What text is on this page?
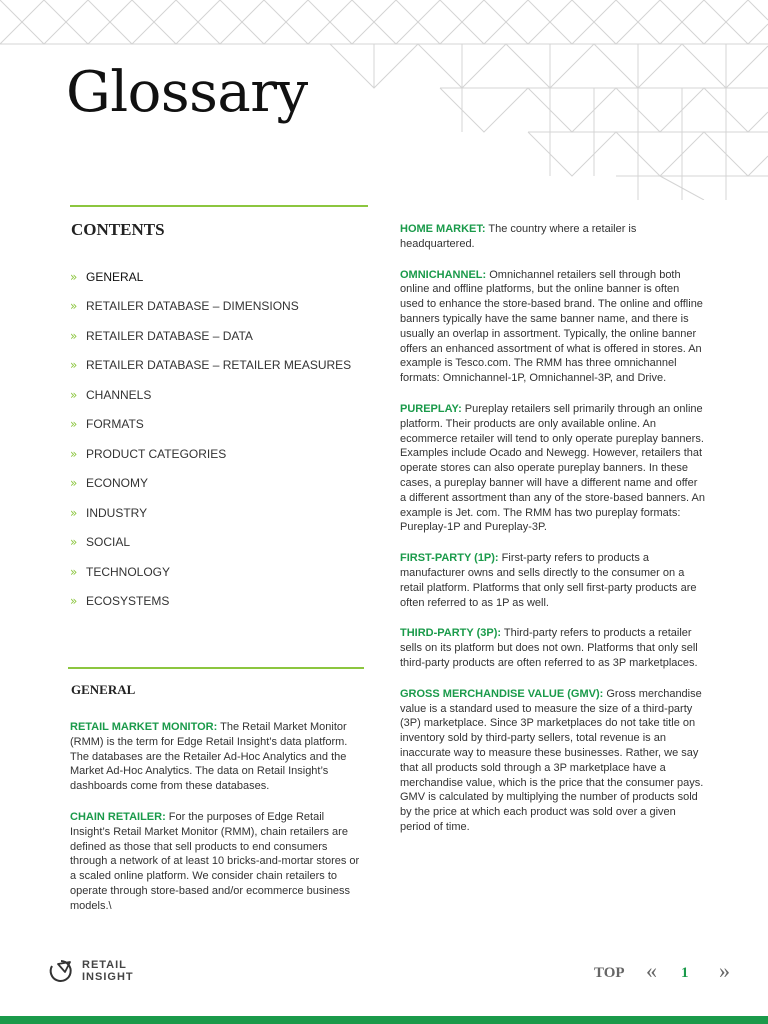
Glossary
CONTENTS
» GENERAL
» RETAILER DATABASE – DIMENSIONS
» RETAILER DATABASE – DATA
» RETAILER DATABASE – RETAILER MEASURES
» CHANNELS
» FORMATS
» PRODUCT CATEGORIES
» ECONOMY
» INDUSTRY
» SOCIAL
» TECHNOLOGY
» ECOSYSTEMS
GENERAL

RETAIL MARKET MONITOR: The Retail Market Monitor (RMM) is the term for Edge Retail Insight’s data platform. The databases are the Retailer Ad-Hoc Analytics and the Market Ad-Hoc Analytics. The data on Retail Insight’s dashboards come from these databases.

CHAIN RETAILER: For the purposes of Edge Retail Insight’s Retail Market Monitor (RMM), chain retailers are defined as those that sell products to end consumers through a network of at least 10 bricks-and-mortar stores or a scaled online platform. We consider chain retailers to operate through store-based and/or ecommerce business models.\

HOME MARKET: The country where a retailer is headquartered.

OMNICHANNEL: Omnichannel retailers sell through both online and offline platforms, but the online banner is often used to enhance the store-based brand. The online and offline banners typically have the same banner name, and there is usually an overlap in assortment. Typically, the online banner offers an enhanced assortment of what is offered in stores. An example is Tesco.com. The RMM has three omnichannel formats: Omnichannel-1P, Omnichannel-3P, and Drive.

PUREPLAY: Pureplay retailers sell primarily through an online platform. Their products are only available online. An ecommerce retailer will tend to only operate pureplay banners. Examples include Ocado and Newegg. However, retailers that operate stores can also operate pureplay banners. In these cases, a pureplay banner will have a different name and offer a different assortment than any of the store-based banners. An example is Jet. com. The RMM has two pureplay formats: Pureplay-1P and Pureplay-3P.

FIRST-PARTY (1P): First-party refers to products a manufacturer owns and sells directly to the consumer on a retail platform. Platforms that only sell first-party products are often referred to as 1P as well.

THIRD-PARTY (3P): Third-party refers to products a retailer sells on its platform but does not own. Platforms that only sell third-party products are often referred to as 3P marketplaces.

GROSS MERCHANDISE VALUE (GMV): Gross merchandise value is a standard used to measure the size of a third-party (3P) marketplace. Since 3P marketplaces do not take title on inventory sold by third-party sellers, total revenue is an inaccurate way to measure these businesses. Rather, we say that all products sold through a 3P marketplace have a merchandise value, which is the price that the consumer pays. GMV is calculated by multiplying the number of products sold by the price at which each product was sold over a given period of time.

RETAIL
INSIGHT	TOP « 1 »
